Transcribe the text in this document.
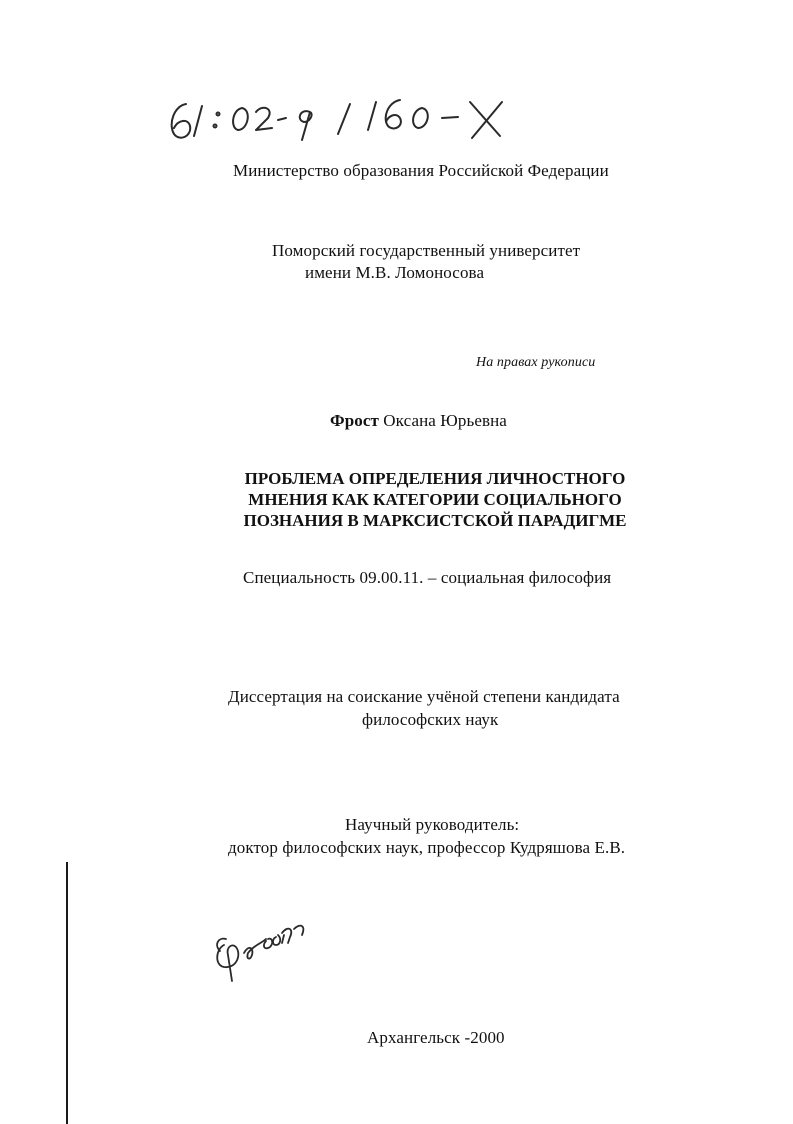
Министерство образования Российской Федерации
Поморский государственный университет
имени М.В. Ломоносова
На правах рукописи
Фрост Оксана Юрьевна
ПРОБЛЕМА ОПРЕДЕЛЕНИЯ ЛИЧНОСТНОГО
МНЕНИЯ КАК КАТЕГОРИИ СОЦИАЛЬНОГО
ПОЗНАНИЯ В МАРКСИСТСКОЙ ПАРАДИГМЕ
Специальность 09.00.11. – социальная философия
Диссертация на соискание учёной степени кандидата
философских наук
Научный руководитель:
доктор философских наук, профессор Кудряшова Е.В.
Архангельск -2000
